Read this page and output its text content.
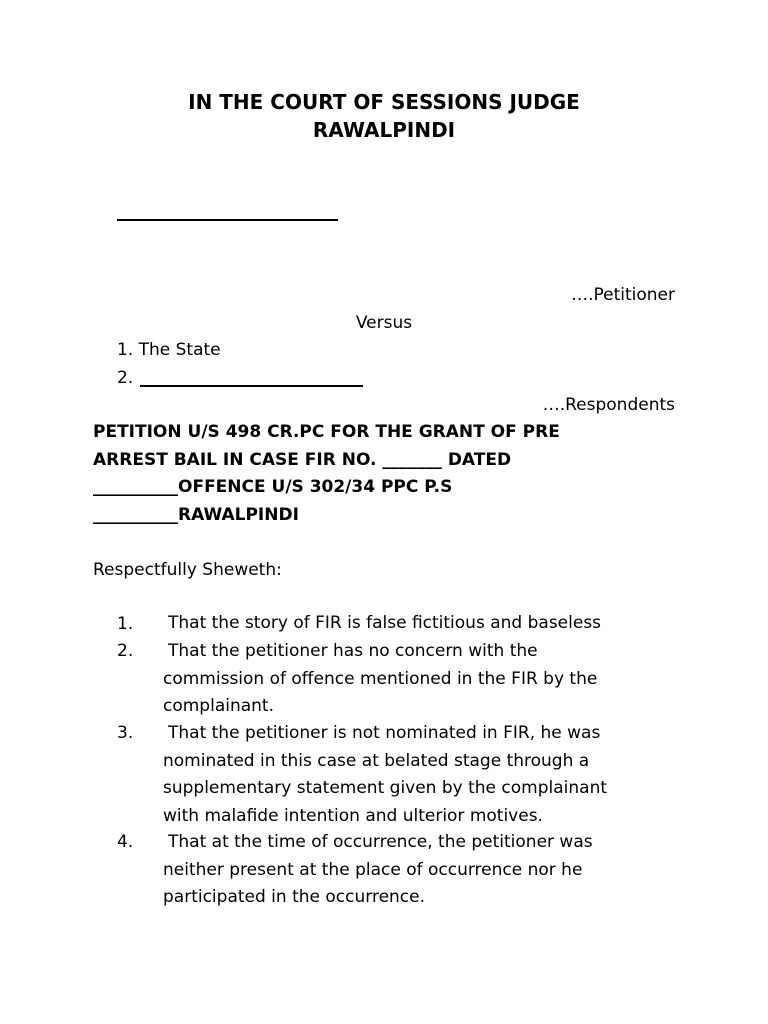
IN THE COURT OF SESSIONS JUDGE
RAWALPINDI
….Petitioner
Versus
1. The State
2.
….Respondents
PETITION U/S 498 CR.PC FOR THE GRANT OF PRE
ARREST BAIL IN CASE FIR NO. _______ DATED
__________OFFENCE U/S 302/34 PPC P.S
__________RAWALPINDI
Respectfully Sheweth:
1. That the story of FIR is false fictitious and baseless
2. That the petitioner has no concern with the
commission of offence mentioned in the FIR by the
complainant.
3. That the petitioner is not nominated in FIR, he was
nominated in this case at belated stage through a
supplementary statement given by the complainant
with malafide intention and ulterior motives.
4. That at the time of occurrence, the petitioner was
neither present at the place of occurrence nor he
participated in the occurrence.
